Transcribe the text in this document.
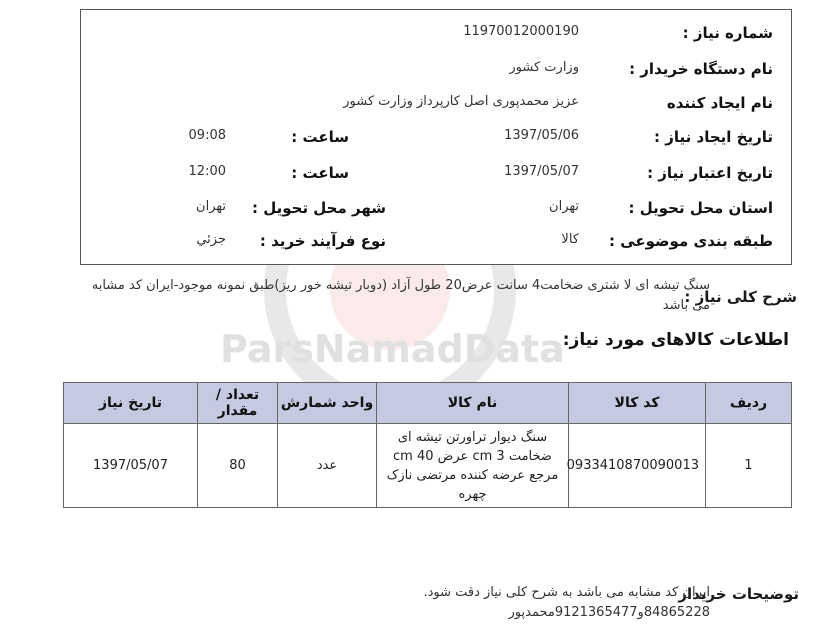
ParsNamadData
شماره نیاز :
11970012000190
نام دستگاه خریدار :
وزارت کشور
نام ایجاد کننده
عزیز محمدپوری اصل کارپرداز وزارت کشور
تاریخ ایجاد نیاز :
1397/05/06
ساعت :
09:08
تاریخ اعتبار نیاز :
1397/05/07
ساعت :
12:00
استان محل تحویل :
تهران
شهر محل تحویل :
تهران
طبقه بندی موضوعی :
کالا
نوع فرآیند خرید :
جزئي
شرح کلی نیاز :
سنگ تیشه ای لا شتری ضخامت4 سانت عرض20 طول آزاد (دوبار تیشه خور ریز)طبق نمونه موجود-ایران کد مشابه می باشد
اطلاعات کالاهای مورد نیاز:
ردیف	کد کالا	نام کالا	واحد شمارش	تعداد / مقدار	تاریخ نیاز
1	0933410870090013	سنگ دیوار تراورتن تیشه ای ضخامت 3 cm عرض 40 cm مرجع عرضه کننده مرتضی نازک چهره	عدد	80	1397/05/07
توضیحات خریدار
ایران کد مشابه می باشد به شرح کلی نیاز دقت شود.
84865228و9121365477محمدپور
